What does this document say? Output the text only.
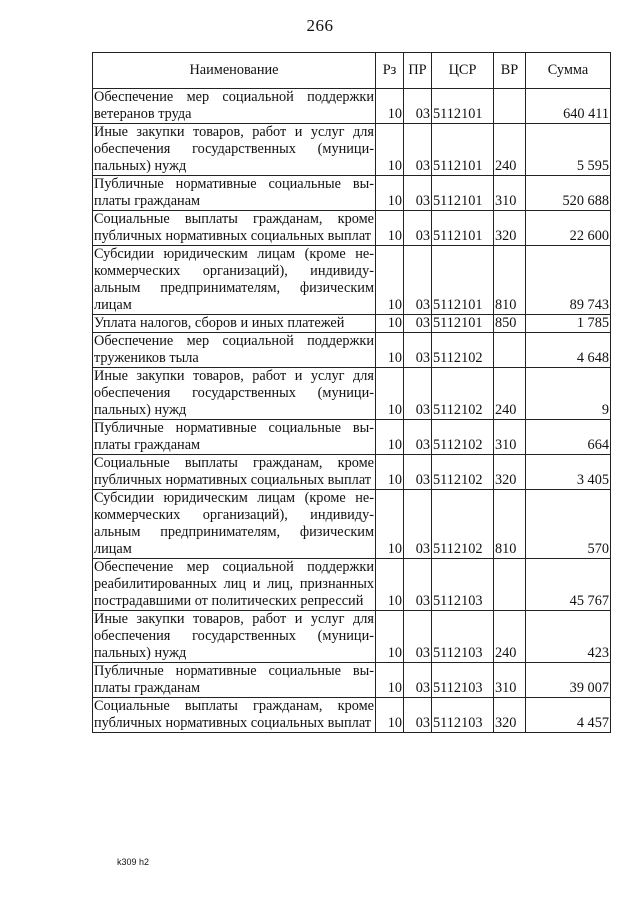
266
Наименование	Рз	ПР	ЦСР	ВР	Сумма
Обеспечение мер социальной поддержки ветеранов труда	10	03	5112101		640 411
Иные закупки товаров, работ и услуг для обеспечения государственных (муниципальных) нужд	10	03	5112101	240	5 595
Публичные нормативные социальные выплаты гражданам	10	03	5112101	310	520 688
Социальные выплаты гражданам, кроме публичных нормативных социальных выплат	10	03	5112101	320	22 600
Субсидии юридическим лицам (кроме некоммерческих организаций), индивидуальным предпринимателям, физическим лицам	10	03	5112101	810	89 743
Уплата налогов, сборов и иных платежей	10	03	5112101	850	1 785
Обеспечение мер социальной поддержки тружеников тыла	10	03	5112102		4 648
Иные закупки товаров, работ и услуг для обеспечения государственных (муниципальных) нужд	10	03	5112102	240	9
Публичные нормативные социальные выплаты гражданам	10	03	5112102	310	664
Социальные выплаты гражданам, кроме публичных нормативных социальных выплат	10	03	5112102	320	3 405
Субсидии юридическим лицам (кроме некоммерческих организаций), индивидуальным предпринимателям, физическим лицам	10	03	5112102	810	570
Обеспечение мер социальной поддержки реабилитированных лиц и лиц, признанных пострадавшими от политических репрессий	10	03	5112103		45 767
Иные закупки товаров, работ и услуг для обеспечения государственных (муниципальных) нужд	10	03	5112103	240	423
Публичные нормативные социальные выплаты гражданам	10	03	5112103	310	39 007
Социальные выплаты гражданам, кроме публичных нормативных социальных выплат	10	03	5112103	320	4 457
k309 h2
